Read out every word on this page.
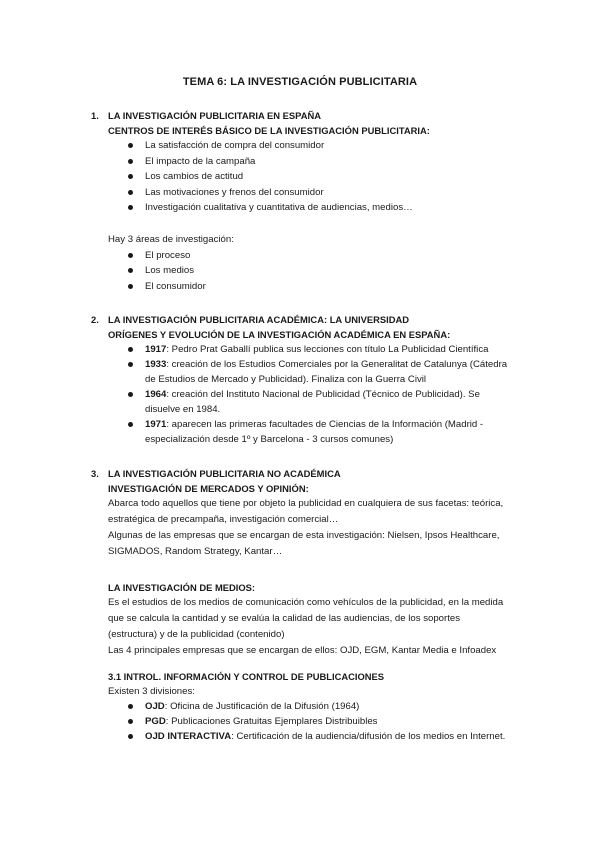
TEMA 6: LA INVESTIGACIÓN PUBLICITARIA
1. LA INVESTIGACIÓN PUBLICITARIA EN ESPAÑA
CENTROS DE INTERÉS BÁSICO DE LA INVESTIGACIÓN PUBLICITARIA:
La satisfacción de compra del consumidor
El impacto de la campaña
Los cambios de actitud
Las motivaciones y frenos del consumidor
Investigación cualitativa y cuantitativa de audiencias, medios…
Hay 3 áreas de investigación:
El proceso
Los medios
El consumidor
2. LA INVESTIGACIÓN PUBLICITARIA ACADÉMICA: LA UNIVERSIDAD
ORÍGENES Y EVOLUCIÓN DE LA INVESTIGACIÓN ACADÉMICA EN ESPAÑA:
1917: Pedro Prat Gaballí publica sus lecciones con título La Publicidad Científica
1933: creación de los Estudios Comerciales por la Generalitat de Catalunya (Cátedra
de Estudios de Mercado y Publicidad). Finaliza con la Guerra Civil
1964: creación del Instituto Nacional de Publicidad (Técnico de Publicidad). Se
disuelve en 1984.
1971: aparecen las primeras facultades de Ciencias de la Información (Madrid -
especialización desde 1º y Barcelona - 3 cursos comunes)
3. LA INVESTIGACIÓN PUBLICITARIA NO ACADÉMICA
INVESTIGACIÓN DE MERCADOS Y OPINIÓN:
Abarca todo aquellos que tiene por objeto la publicidad en cualquiera de sus facetas: teórica,
estratégica de precampaña, investigación comercial…
Algunas de las empresas que se encargan de esta investigación: Nielsen, Ipsos Healthcare,
SIGMADOS, Random Strategy, Kantar…
LA INVESTIGACIÓN DE MEDIOS:
Es el estudios de los medios de comunicación como vehículos de la publicidad, en la medida
que se calcula la cantidad y se evalúa la calidad de las audiencias, de los soportes
(estructura) y de la publicidad (contenido)
Las 4 principales empresas que se encargan de ellos: OJD, EGM, Kantar Media e Infoadex
3.1 INTROL. INFORMACIÓN Y CONTROL DE PUBLICACIONES
Existen 3 divisiones:
OJD: Oficina de Justificación de la Difusión (1964)
PGD: Publicaciones Gratuitas Ejemplares Distribuibles
OJD INTERACTIVA: Certificación de la audiencia/difusión de los medios en Internet.
